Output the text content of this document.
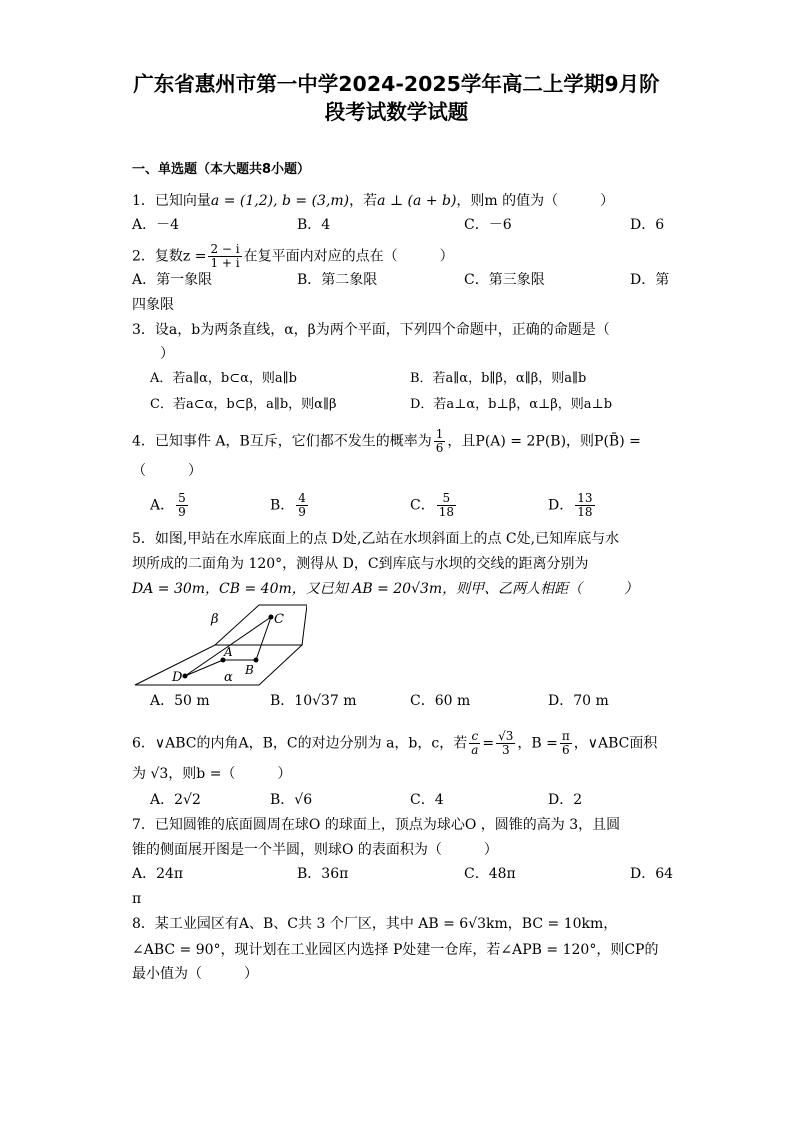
广东省惠州市第一中学2024-2025学年高二上学期9月阶
段考试数学试题
一、单选题（本大题共8小题）
1．已知向量a = (1,2), b = (3,m)，若a ⊥ (a + b)，则m 的值为（　　　）
A．－4	B．4	C．－6	D．6
2．复数$z = \frac{2 - i}{1 + i}$ 在复平面内对应的点在（　　　）
A．第一象限	B．第二象限	C．第三象限	D．第
四象限
3．设a，b为两条直线，α，β为两个平面，下列四个命题中，正确的命题是（
　　）
A．若a∥α，b⊂α，则a∥b	B．若a∥α，b∥β，α∥β，则a∥b
C．若a⊂α，b⊂β，a∥b，则α∥β	D．若a⊥α，b⊥β，α⊥β，则a⊥b
4．已知事件 A，B互斥，它们都不发生的概率为 $\frac{1}{6}$ ，且P(A) = 2P(B)，则P(B̄) =
（　　　）
A． $\frac{5}{9}$	B． $\frac{4}{9}$	C． $\frac{5}{18}$	D． $\frac{13}{18}$
5．如图,甲站在水库底面上的点 D处,乙站在水坝斜面上的点 C处,已知库底与水
坝所成的二面角为 120°，测得从 D，C到库底与水坝的交线的距离分别为
DA = 30m，CB = 40m，又已知 AB = 20√3m，则甲、乙两人相距（　　　）
β	C
A
B
D	α
A．50 m	B．10√37 m	C．60 m	D．70 m
6．∨ABC的内角A，B，C的对边分别为 a，b，c，若 $\frac{c}{a} = \frac{√3}{3}$ ，$B = \frac{\pi}{6}$ ，∨ABC面积
为 √3，则b =（　　　）
A．2√2	B．√6	C．4	D．2
7．已知圆锥的底面圆周在球O 的球面上，顶点为球心O ，圆锥的高为 3，且圆
锥的侧面展开图是一个半圆，则球O 的表面积为（　　　）
A．24π	B．36π	C．48π	D．64
π
8．某工业园区有A、B、C共 3 个厂区，其中 AB = 6√3km，BC = 10km，
∠ABC = 90°，现计划在工业园区内选择 P处建一仓库，若∠APB = 120°，则CP的
最小值为（　　　）
